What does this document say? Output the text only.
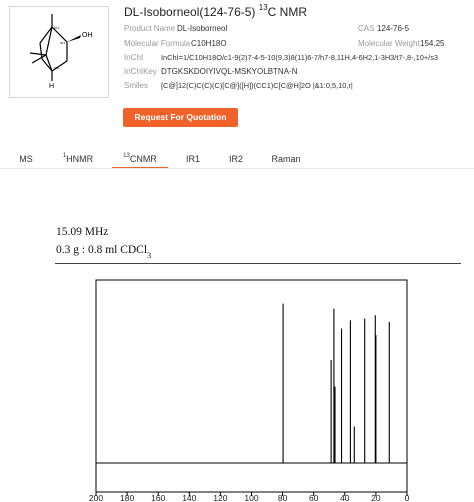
OH
H
or1
or1
or1
DL-Isoborneol(124-76-5) $^{13}$C NMR
Product Name DL-Isoborneol	CAS 124-76-5
Molecular FormulaC10H18O	Molecular Weight154.25
InChI InChI=1/C10H18O/c1-9(2)7-4-5-10(9,3)8(11)6-7/h7-8,11H,4-6H2,1-3H3/t7-,8-,10+/s3
InChIKey DTGKSKDOIYIVQL-MSKYOLBTNA-N
Smiles [C@]12(C)C(C)(C)[C@]([H])(CC1)C[C@H]2O |&1:0,5,10,r|
Request For Quotation
MS	$^1$HNMR	$^{13}$CNMR	IR1	IR2	Raman
15.09 MHz
0.3 g : 0.8 ml CDCl$_3$
200 180 160 140 120 100 80	60	40	20	0
